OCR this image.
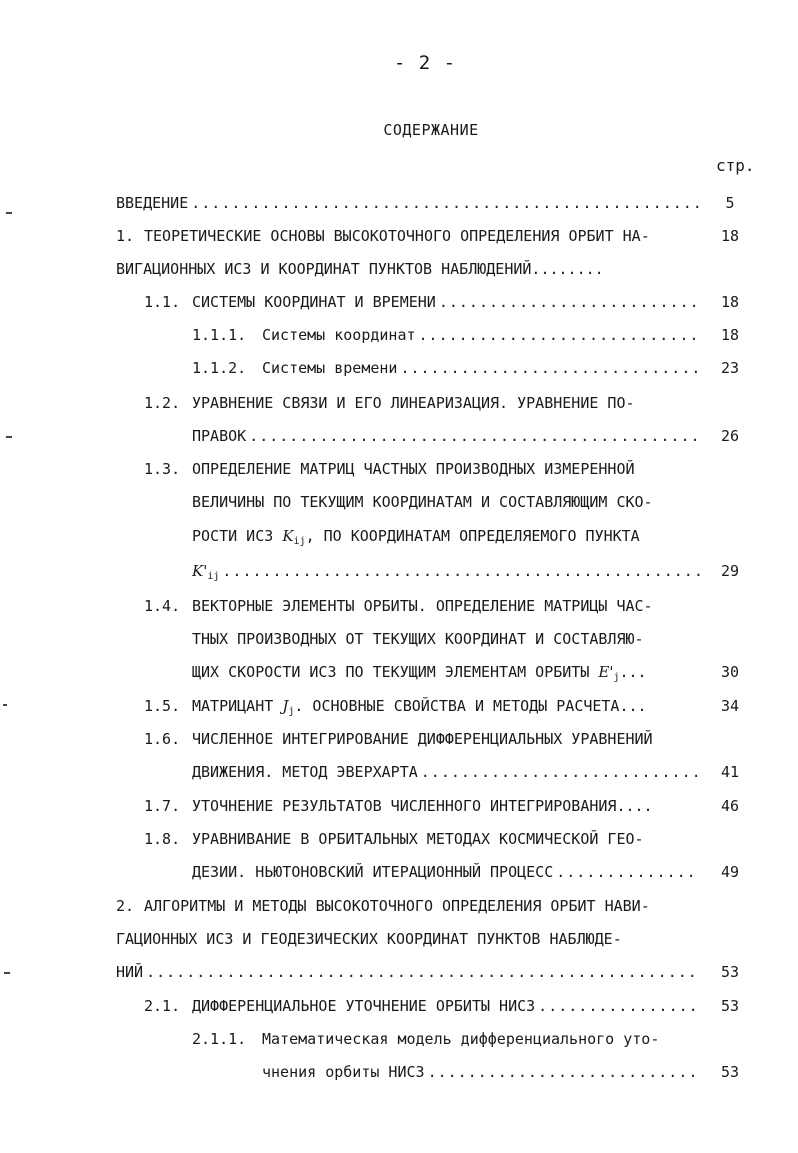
- 2 -
СОДЕРЖАНИЕ
стр.
ВВЕДЕНИЕ .....	5
1. ТЕОРЕТИЧЕСКИЕ ОСНОВЫ ВЫСОКОТОЧНОГО ОПРЕДЕЛЕНИЯ ОРБИТ НА-	18
ВИГАЦИОННЫХ ИСЗ И КООРДИНАТ ПУНКТОВ НАБЛЮДЕНИЙ........
1.1. СИСТЕМЫ КООРДИНАТ И ВРЕМЕНИ .....	18
1.1.1. Системы координат .....	18
1.1.2. Системы времени .....	23
1.2. УРАВНЕНИЕ СВЯЗИ И ЕГО ЛИНЕАРИЗАЦИЯ. УРАВНЕНИЕ ПО-
ПРАВОК .....	26
1.3. ОПРЕДЕЛЕНИЕ МАТРИЦ ЧАСТНЫХ ПРОИЗВОДНЫХ ИЗМЕРЕННОЙ
ВЕЛИЧИНЫ ПО ТЕКУЩИМ КООРДИНАТАМ И СОСТАВЛЯЮЩИМ СКО-
РОСТИ ИСЗ $K_{ij}$, ПО КООРДИНАТАМ ОПРЕДЕЛЯЕМОГО ПУНКТА
$K'_{ij}$ .....	29
1.4. ВЕКТОРНЫЕ ЭЛЕМЕНТЫ ОРБИТЫ. ОПРЕДЕЛЕНИЕ МАТРИЦЫ ЧАС-
ТНЫХ ПРОИЗВОДНЫХ ОТ ТЕКУЩИХ КООРДИНАТ И СОСТАВЛЯЮ-
ЩИХ СКОРОСТИ ИСЗ ПО ТЕКУЩИМ ЭЛЕМЕНТАМ ОРБИТЫ $E'_j$...	30
1.5. МАТРИЦАНТ $J_j$. ОСНОВНЫЕ СВОЙСТВА И МЕТОДЫ РАСЧЕТА...	34
1.6. ЧИСЛЕННОЕ ИНТЕГРИРОВАНИЕ ДИФФЕРЕНЦИАЛЬНЫХ УРАВНЕНИЙ
ДВИЖЕНИЯ. МЕТОД ЭВЕРХАРТА .....	41
1.7. УТОЧНЕНИЕ РЕЗУЛЬТАТОВ ЧИСЛЕННОГО ИНТЕГРИРОВАНИЯ....	46
1.8. УРАВНИВАНИЕ В ОРБИТАЛЬНЫХ МЕТОДАХ КОСМИЧЕСКОЙ ГЕО-
ДЕЗИИ. НЬЮТОНОВСКИЙ ИТЕРАЦИОННЫЙ ПРОЦЕСС .....	49
2. АЛГОРИТМЫ И МЕТОДЫ ВЫСОКОТОЧНОГО ОПРЕДЕЛЕНИЯ ОРБИТ НАВИ-
ГАЦИОННЫХ ИСЗ И ГЕОДЕЗИЧЕСКИХ КООРДИНАТ ПУНКТОВ НАБЛЮДЕ-
НИЙ .....	53
2.1. ДИФФЕРЕНЦИАЛЬНОЕ УТОЧНЕНИЕ ОРБИТЫ НИСЗ .....	53
2.1.1. Математическая модель дифференциального уто-
чнения орбиты НИСЗ .....	53
